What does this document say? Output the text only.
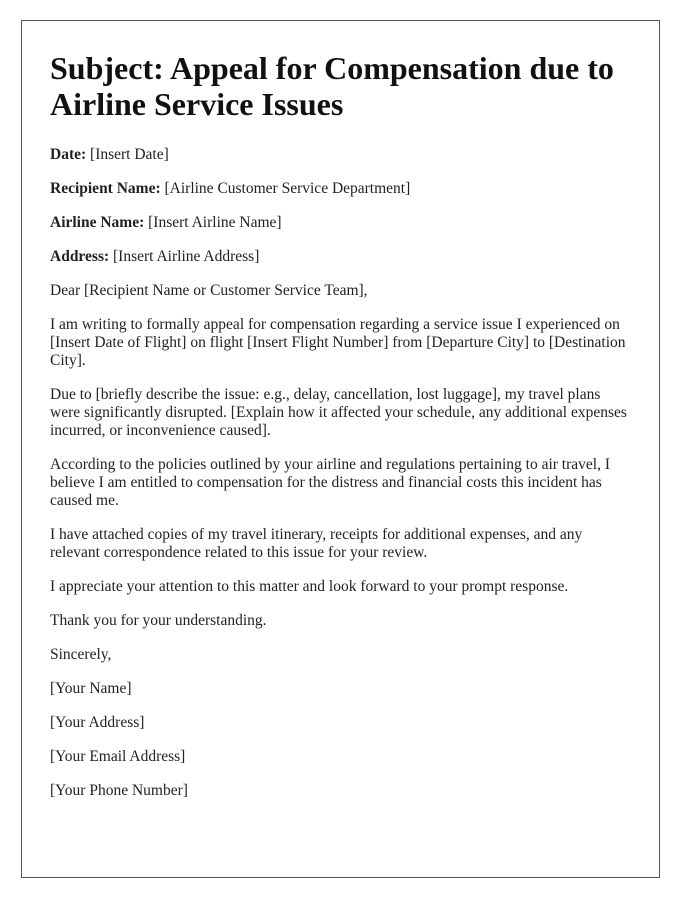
Subject: Appeal for Compensation due to Airline Service Issues

Date: [Insert Date]

Recipient Name: [Airline Customer Service Department]

Airline Name: [Insert Airline Name]

Address: [Insert Airline Address]

Dear [Recipient Name or Customer Service Team],

I am writing to formally appeal for compensation regarding a service issue I experienced on [Insert Date of Flight] on flight [Insert Flight Number] from [Departure City] to [Destination City].

Due to [briefly describe the issue: e.g., delay, cancellation, lost luggage], my travel plans were significantly disrupted. [Explain how it affected your schedule, any additional expenses incurred, or inconvenience caused].

According to the policies outlined by your airline and regulations pertaining to air travel, I believe I am entitled to compensation for the distress and financial costs this incident has caused me.

I have attached copies of my travel itinerary, receipts for additional expenses, and any relevant correspondence related to this issue for your review.

I appreciate your attention to this matter and look forward to your prompt response.

Thank you for your understanding.

Sincerely,

[Your Name]

[Your Address]

[Your Email Address]

[Your Phone Number]
